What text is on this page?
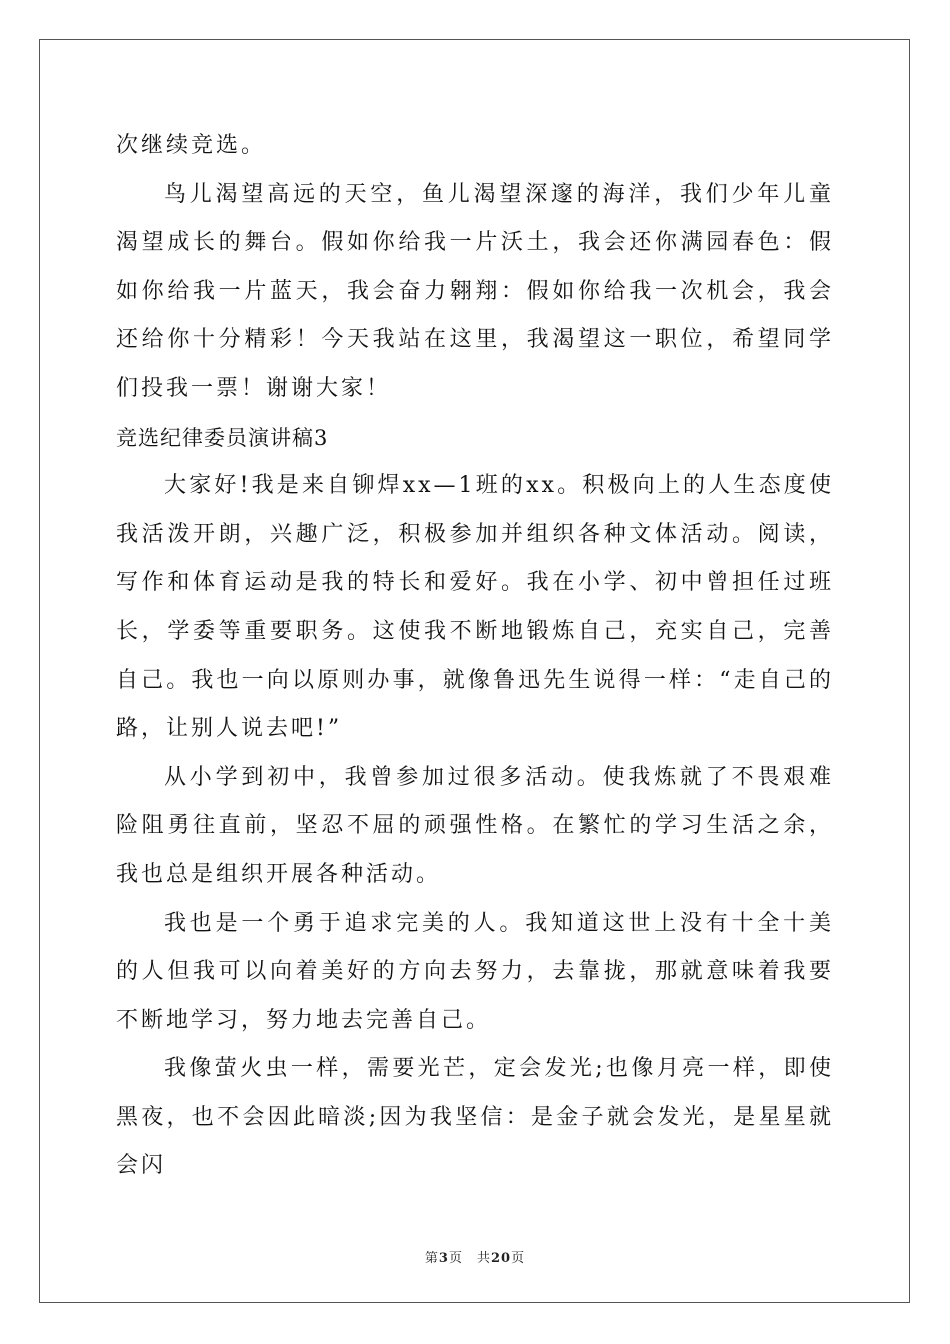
次继续竞选。

鸟儿渴望高远的天空，鱼儿渴望深邃的海洋，我们少年儿童渴望成长的舞台。假如你给我一片沃土，我会还你满园春色：假如你给我一片蓝天，我会奋力翱翔：假如你给我一次机会，我会还给你十分精彩！今天我站在这里，我渴望这一职位，希望同学们投我一票！谢谢大家！

竞选纪律委员演讲稿3

大家好!我是来自铆焊xx—1班的xx。积极向上的人生态度使我活泼开朗，兴趣广泛，积极参加并组织各种文体活动。阅读，写作和体育运动是我的特长和爱好。我在小学、初中曾担任过班长，学委等重要职务。这使我不断地锻炼自己，充实自己，完善自己。我也一向以原则办事，就像鲁迅先生说得一样：“走自己的路，让别人说去吧!”

从小学到初中，我曾参加过很多活动。使我炼就了不畏艰难险阻勇往直前，坚忍不屈的顽强性格。在繁忙的学习生活之余，我也总是组织开展各种活动。

我也是一个勇于追求完美的人。我知道这世上没有十全十美的人但我可以向着美好的方向去努力，去靠拢，那就意味着我要不断地学习，努力地去完善自己。

我像萤火虫一样，需要光芒，定会发光;也像月亮一样，即使黑夜，也不会因此暗淡;因为我坚信：是金子就会发光，是星星就会闪

第3页 共20页
